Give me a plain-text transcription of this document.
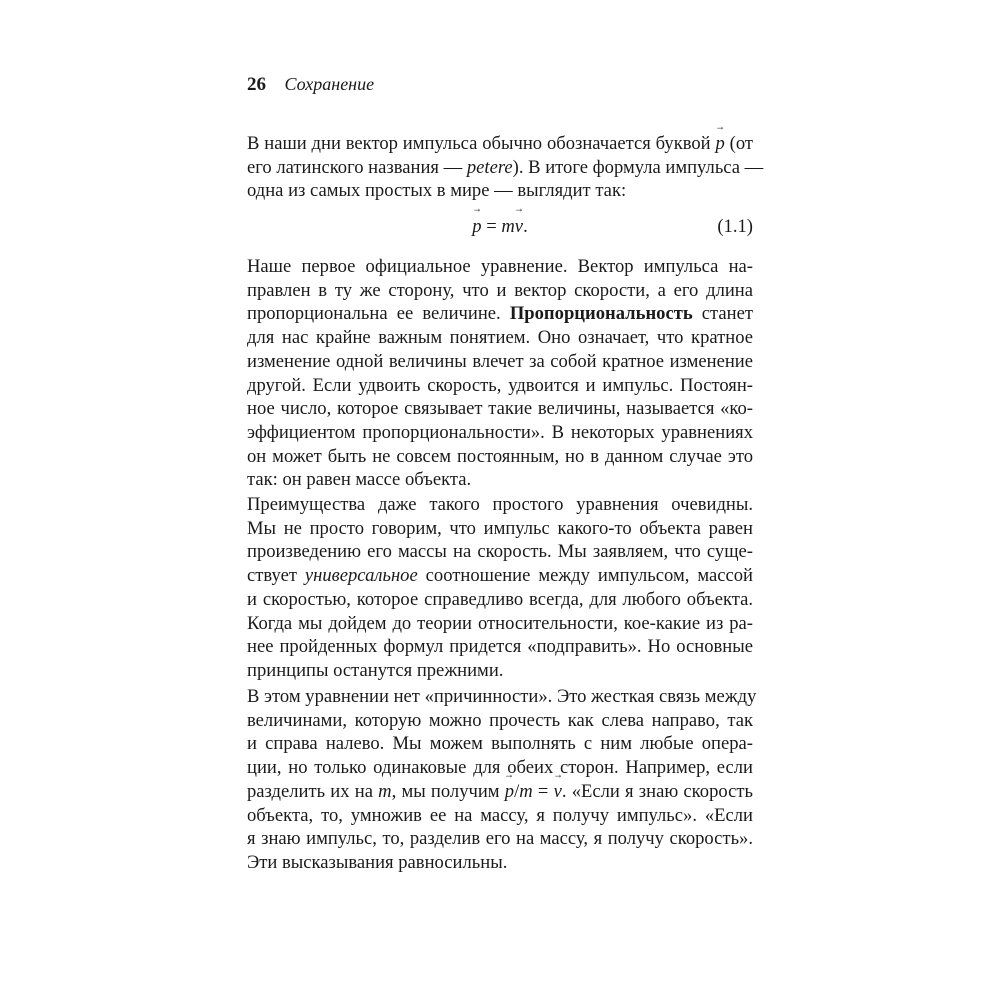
26 Сохранение
В наши дни вектор импульса обычно обозначается буквой → p (от
его латинского названия — petere). В итоге формула импульса —
одна из самых простых в мире — выглядит так:
→ p = m→ v.	(1.1)
Наше первое официальное уравнение. Вектор импульса на-
правлен в ту же сторону, что и вектор скорости, а его длина
пропорциональна ее величине. Пропорциональность станет
для нас крайне важным понятием. Оно означает, что кратное
изменение одной величины влечет за собой кратное изменение
другой. Если удвоить скорость, удвоится и импульс. Постоян-
ное число, которое связывает такие величины, называется «ко-
эффициентом пропорциональности». В некоторых уравнениях
он может быть не совсем постоянным, но в данном случае это
так: он равен массе объекта.
Преимущества даже такого простого уравнения очевидны.
Мы не просто говорим, что импульс какого-то объекта равен
произведению его массы на скорость. Мы заявляем, что суще-
ствует универсальное соотношение между импульсом, массой
и скоростью, которое справедливо всегда, для любого объекта.
Когда мы дойдем до теории относительности, кое-какие из ра-
нее пройденных формул придется «подправить». Но основные
принципы останутся прежними.
В этом уравнении нет «причинности». Это жесткая связь между
величинами, которую можно прочесть как слева направо, так
и справа налево. Мы можем выполнять с ним любые опера-
ции, но только одинаковые для обеих сторон. Например, если
разделить их на m, мы получим → p/m = → v. «Если я знаю скорость
объекта, то, умножив ее на массу, я получу импульс». «Если
я знаю импульс, то, разделив его на массу, я получу скорость».
Эти высказывания равносильны.
